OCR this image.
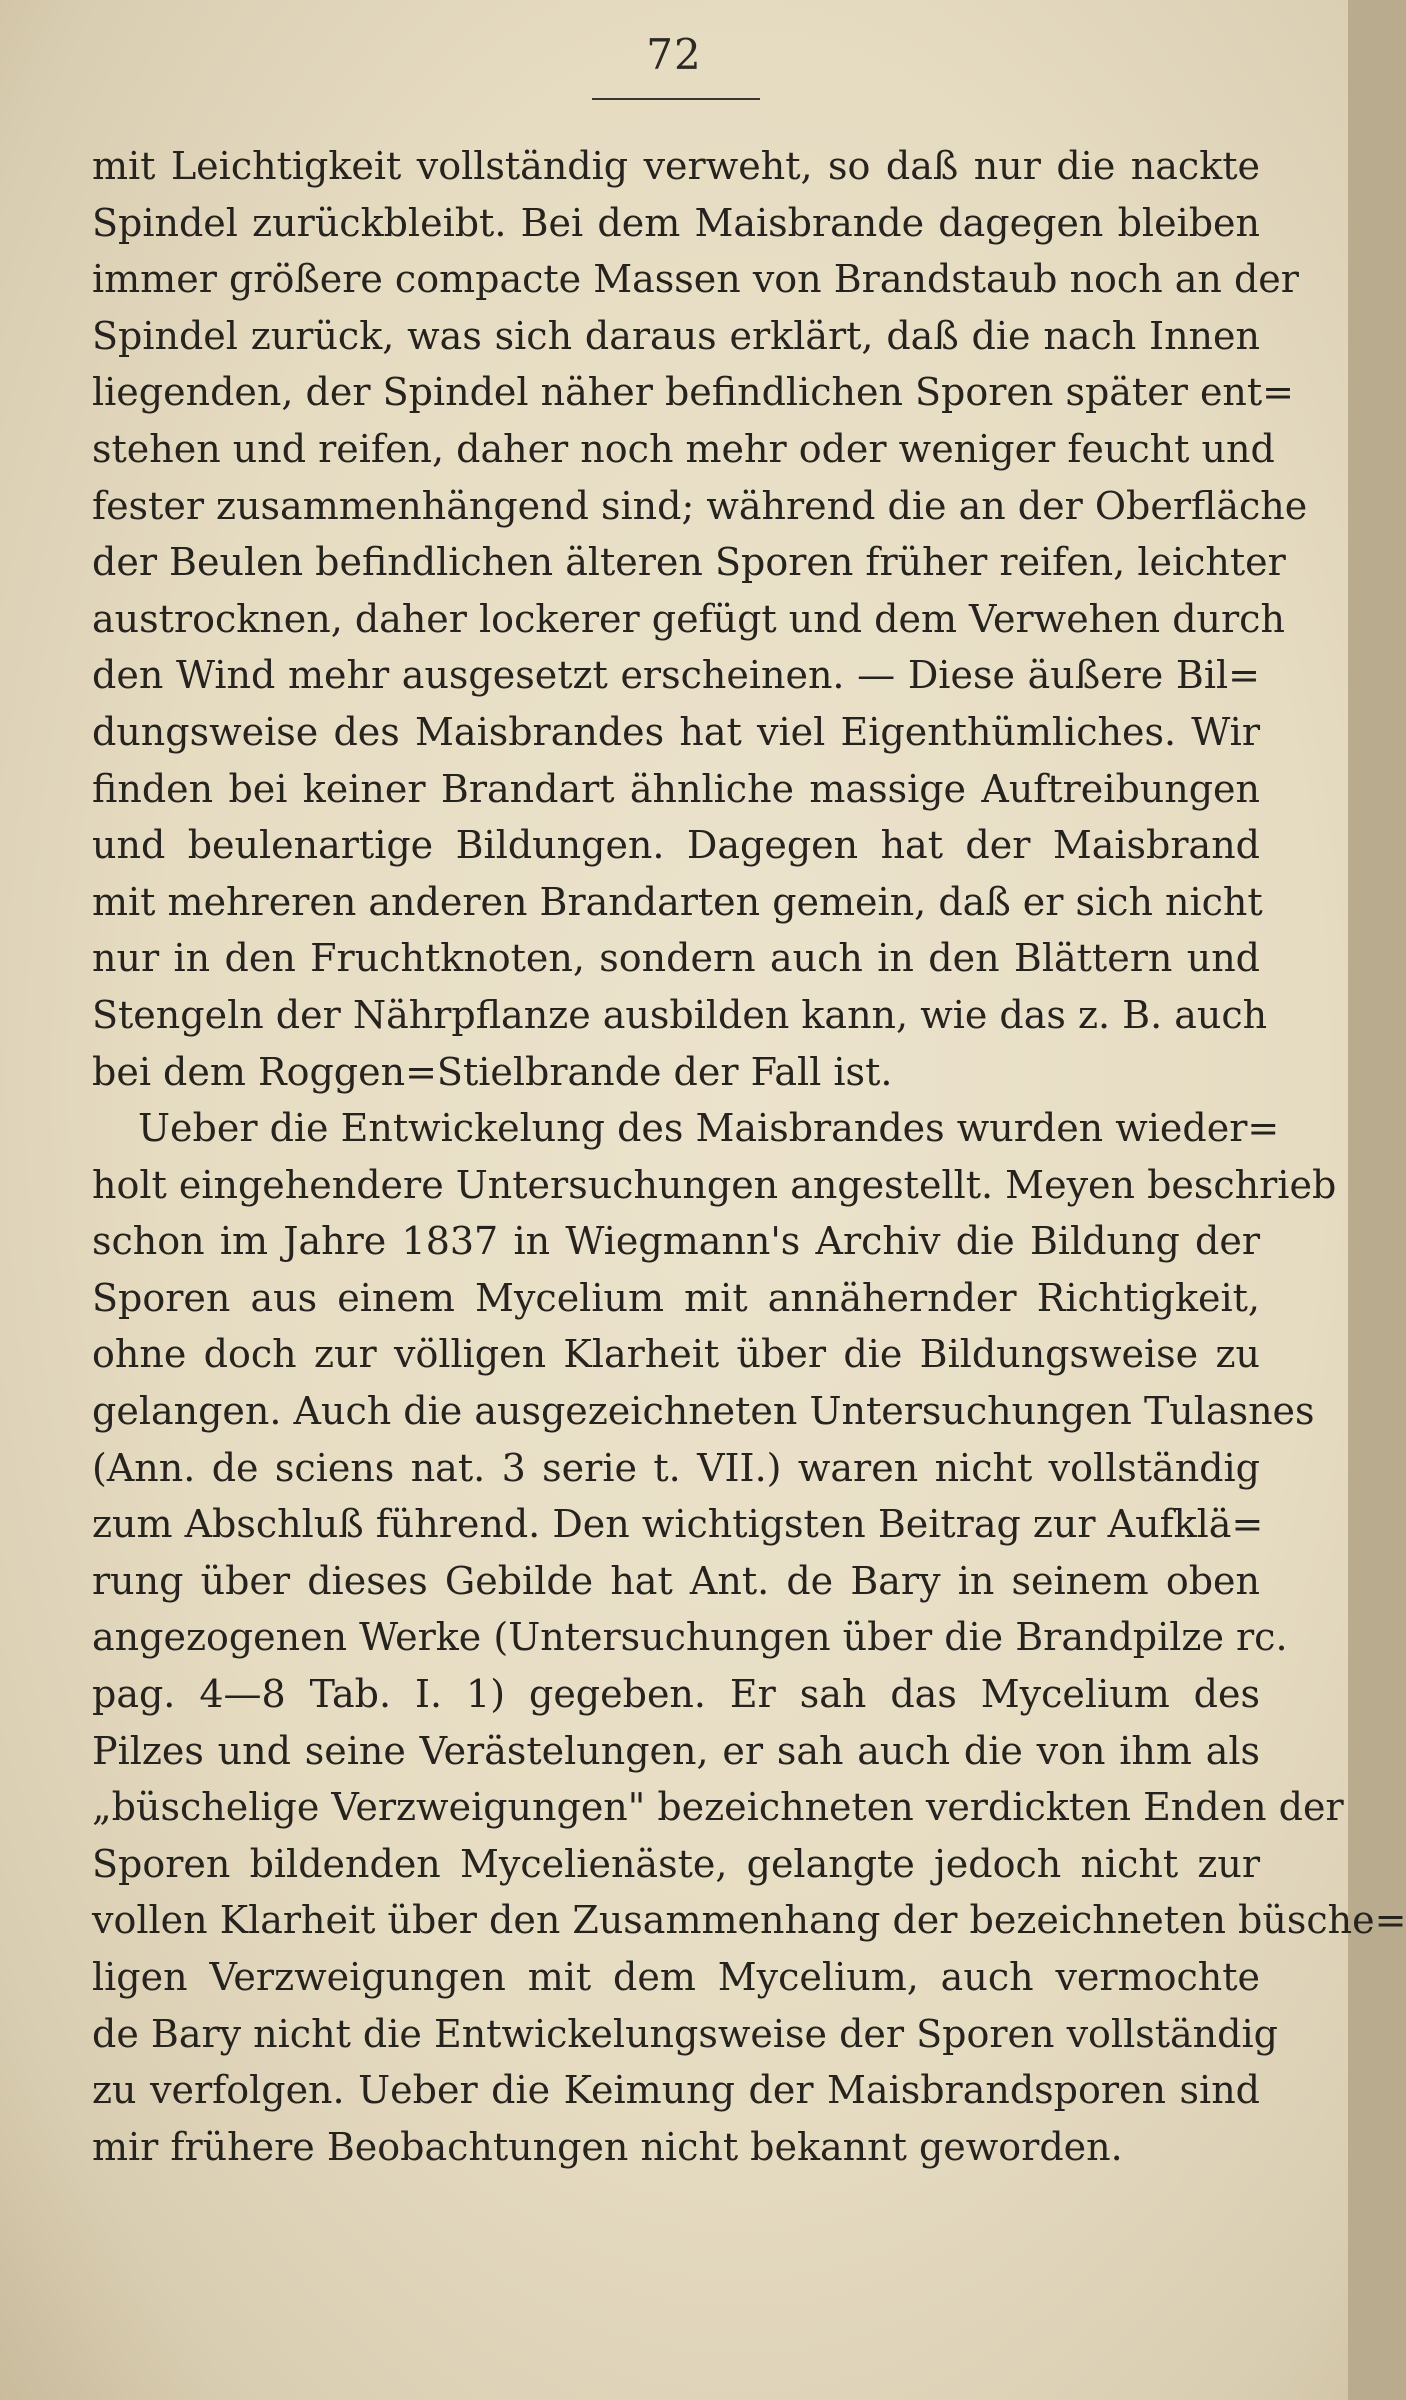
72
mit Leichtigkeit vollständig verweht, so daß nur die nackte
Spindel zurückbleibt. Bei dem Maisbrande dagegen bleiben
immer größere compacte Massen von Brandstaub noch an der
Spindel zurück, was sich daraus erklärt, daß die nach Innen
liegenden, der Spindel näher befindlichen Sporen später ent=
stehen und reifen, daher noch mehr oder weniger feucht und
fester zusammenhängend sind; während die an der Oberfläche
der Beulen befindlichen älteren Sporen früher reifen, leichter
austrocknen, daher lockerer gefügt und dem Verwehen durch
den Wind mehr ausgesetzt erscheinen. — Diese äußere Bil=
dungsweise des Maisbrandes hat viel Eigenthümliches. Wir
finden bei keiner Brandart ähnliche massige Auftreibungen
und beulenartige Bildungen. Dagegen hat der Maisbrand
mit mehreren anderen Brandarten gemein, daß er sich nicht
nur in den Fruchtknoten, sondern auch in den Blättern und
Stengeln der Nährpflanze ausbilden kann, wie das z. B. auch
bei dem Roggen=Stielbrande der Fall ist.
Ueber die Entwickelung des Maisbrandes wurden wieder=
holt eingehendere Untersuchungen angestellt. Meyen beschrieb
schon im Jahre 1837 in Wiegmann's Archiv die Bildung der
Sporen aus einem Mycelium mit annähernder Richtigkeit,
ohne doch zur völligen Klarheit über die Bildungsweise zu
gelangen. Auch die ausgezeichneten Untersuchungen Tulasnes
(Ann. de sciens nat. 3 serie t. VII.) waren nicht vollständig
zum Abschluß führend. Den wichtigsten Beitrag zur Aufklä=
rung über dieses Gebilde hat Ant. de Bary in seinem oben
angezogenen Werke (Untersuchungen über die Brandpilze rc.
pag. 4—8 Tab. I. 1) gegeben. Er sah das Mycelium des
Pilzes und seine Verästelungen, er sah auch die von ihm als
„büschelige Verzweigungen" bezeichneten verdickten Enden der
Sporen bildenden Mycelienäste, gelangte jedoch nicht zur
vollen Klarheit über den Zusammenhang der bezeichneten büsche=
ligen Verzweigungen mit dem Mycelium, auch vermochte
de Bary nicht die Entwickelungsweise der Sporen vollständig
zu verfolgen. Ueber die Keimung der Maisbrandsporen sind
mir frühere Beobachtungen nicht bekannt geworden.
